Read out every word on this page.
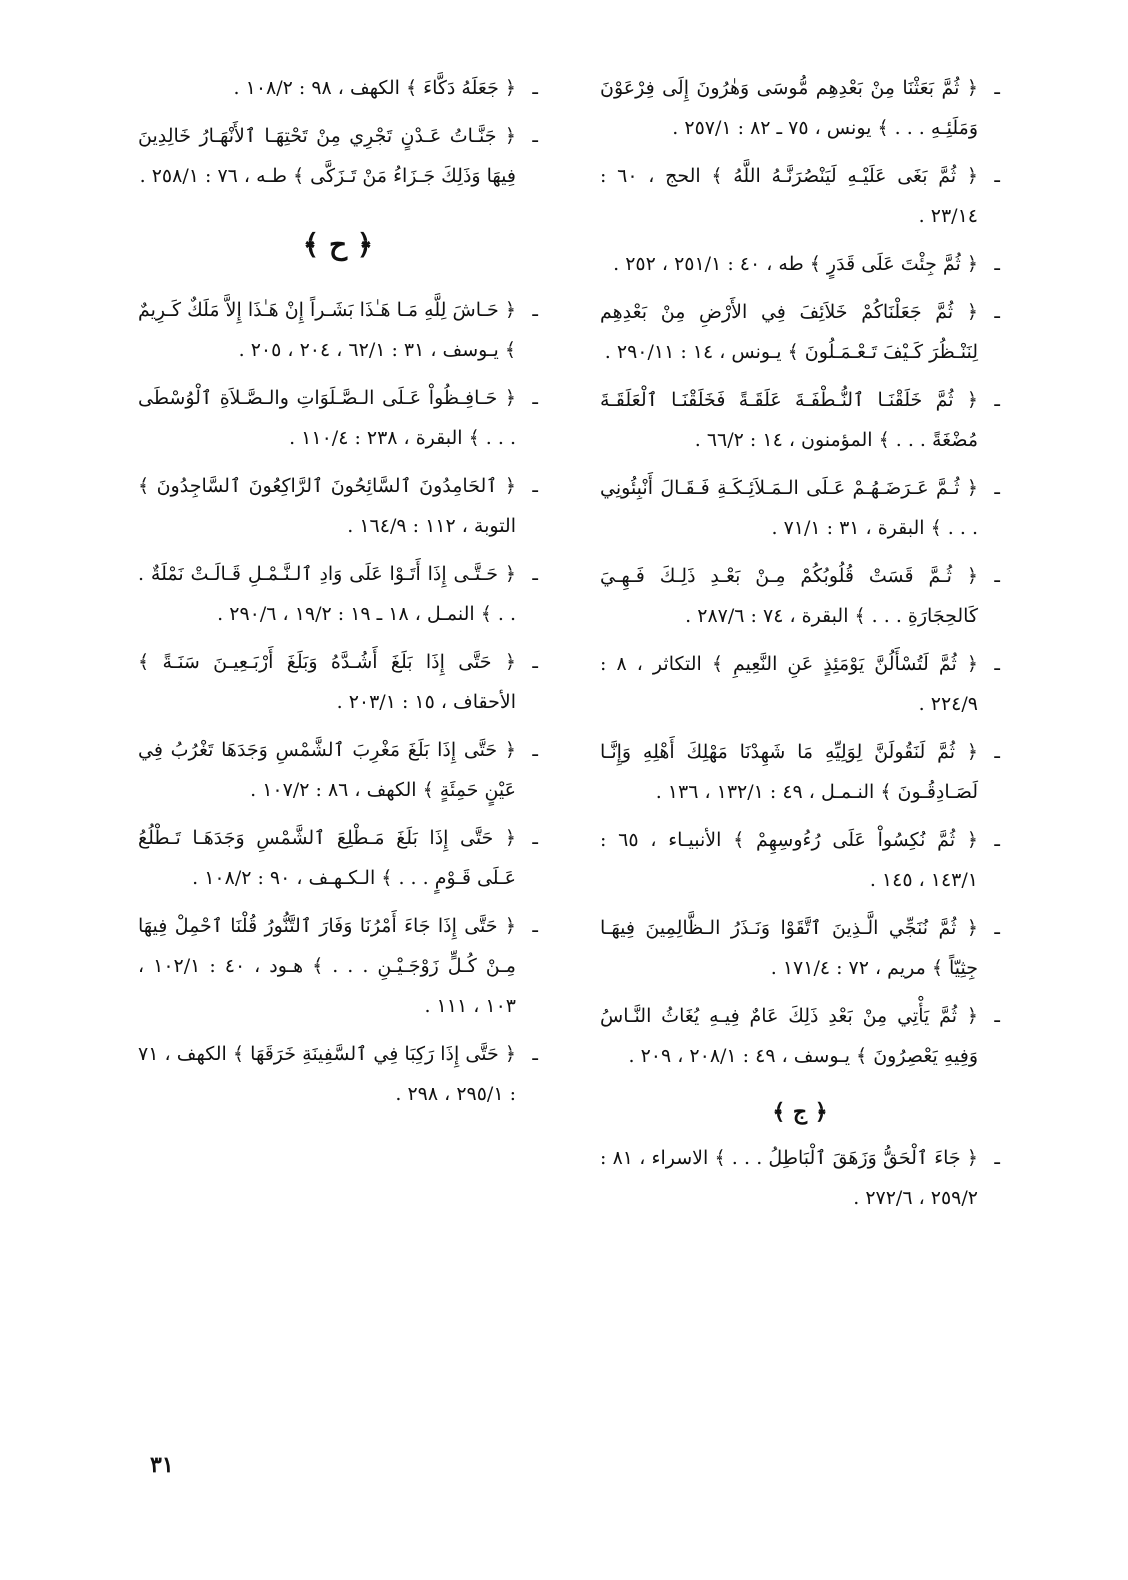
ـ﴿ ثُمَّ بَعَثْنَا مِنْ بَعْدِهِم مُّوسَى وَهٰرُونَ إِلَى فِرْعَوْنَ وَمَلَئِـهِ . . . ﴾ يونس ، ٧٥ ـ ٨٢ : ٢٥٧/١ .
ـ﴿ ثُمَّ بَغَى عَلَيْـهِ لَيَنْصُرَنَّـهُ اللَّهُ ﴾ الحج ، ٦٠ : ٢٣/١٤ .
ـ﴿ ثُمَّ جِئْتَ عَلَى قَدَرٍ ﴾ طه ، ٤٠ : ٢٥١/١ ، ٢٥٢ .
ـ﴿ ثُمَّ جَعَلْنَاكُمْ خَلاَئِفَ فِي الأَرْضِ مِنْ بَعْدِهِم لِنَنْـظُرَ كَـيْفَ تَـعْـمَـلُونَ ﴾ يـونس ، ١٤ : ٢٩٠/١١ .
ـ﴿ ثُمَّ خَلَقْنَـا ٱلنُّـطْفَـةَ عَلَقَـةً فَخَلَقْنَـا ٱلْعَلَقَـةَ مُضْغَةً . . . ﴾ المؤمنون ، ١٤ : ٦٦/٢ .
ـ﴿ ثُـمَّ عَـرَضَـهُـمْ عَـلَى الـمَـلاَئِـكَـةِ فَـقَـالَ أَنْبِئُونِي . . . ﴾ البقرة ، ٣١ : ٧١/١ .
ـ﴿ ثُـمَّ قَسَتْ قُلُوبُكُمْ مِـنْ بَعْـدِ ذَلِـكَ فَـهِـيَ كَالحِجَارَةِ . . . ﴾ البقرة ، ٧٤ : ٢٨٧/٦ .
ـ﴿ ثُمَّ لَتُسْأَلُنَّ يَوْمَئِذٍ عَنِ النَّعِيمِ ﴾ التكاثر ، ٨ : ٢٢٤/٩ .
ـ﴿ ثُمَّ لَنَقُولَنَّ لِوَلِيِّهِ مَا شَهِدْنَا مَهْلِكَ أَهْلِهِ وَإِنَّـا لَصَـادِقُـونَ ﴾ النـمـل ، ٤٩ : ١٣٢/١ ، ١٣٦ .
ـ﴿ ثُمَّ نُكِسُواْ عَلَى رُءُوسِهِمْ ﴾ الأنبيـاء ، ٦٥ : ١٤٣/١ ، ١٤٥ .
ـ﴿ ثُمَّ نُنَجِّي الَّـذِينَ ٱتَّقَوْا وَنَـذَرُ الـظَّالِمِينَ فِيهَـا جِثِيّاً ﴾ مريم ، ٧٢ : ١٧١/٤ .
ـ﴿ ثُمَّ يَأْتِي مِنْ بَعْدِ ذَلِكَ عَامٌ فِيـهِ يُغَاثُ النَّـاسُ وَفِيهِ يَعْصِرُونَ ﴾ يـوسف ، ٤٩ : ٢٠٨/١ ، ٢٠٩ .
﴿ ج ﴾
ـ﴿ جَاءَ ٱلْحَقُّ وَزَهَقَ ٱلْبَاطِلُ . . . ﴾ الاسراء ، ٨١ : ٢٥٩/٢ ، ٢٧٢/٦ .
ـ﴿ جَعَلَهُ دَكَّاءَ ﴾ الكهف ، ٩٨ : ١٠٨/٢ .
ـ﴿ جَنَّـاتُ عَـدْنٍ تَجْرِي مِنْ تَحْتِهَـا ٱلأَنْهَـارُ خَالِدِينَ فِيهَا وَذَلِكَ جَـزَاءُ مَنْ تَـزَكَّى ﴾ طـه ، ٧٦ : ٢٥٨/١ .
﴿ ح ﴾
ـ﴿ حَـاشَ لِلَّهِ مَـا هَـٰذَا بَشَـراً إِنْ هَـٰذَا إِلاَّ مَلَكٌ كَـرِيمٌ ﴾ يـوسف ، ٣١ : ٦٢/١ ، ٢٠٤ ، ٢٠٥ .
ـ﴿ حَـافِـظُواْ عَـلَى الـصَّـلَوَاتِ والـصَّـلاَةِ ٱلْوُسْطَى . . . ﴾ البقرة ، ٢٣٨ : ١١٠/٤ .
ـ﴿ ٱلحَامِدُونَ ٱلسَّائِحُونَ ٱلرَّاكِعُونَ ٱلسَّاجِدُونَ ﴾ التوبة ، ١١٢ : ١٦٤/٩ .
ـ﴿ حَـتَّـى إِذَا أَتَـوْا عَلَى وَادِ ٱلـنَّـمْـلِ قَـالَـتْ نَمْلَةٌ . . . ﴾ النمـل ، ١٨ ـ ١٩ : ١٩/٢ ، ٢٩٠/٦ .
ـ﴿ حَتَّى إِذَا بَلَغَ أَشُـدَّهُ وَبَلَغَ أَرْبَـعِيـنَ سَنَـةً ﴾ الأحقاف ، ١٥ : ٢٠٣/١ .
ـ﴿ حَتَّى إِذَا بَلَغَ مَغْرِبَ ٱلشَّمْسِ وَجَدَهَا تَغْرُبُ فِي عَيْنٍ حَمِئَةٍ ﴾ الكهف ، ٨٦ : ١٠٧/٢ .
ـ﴿ حَتَّى إِذَا بَلَغَ مَـطْلِعَ ٱلشَّمْسِ وَجَدَهَـا تَـطْلُعُ عَـلَى قَـوْمٍ . . . ﴾ الـكـهـف ، ٩٠ : ١٠٨/٢ .
ـ﴿ حَتَّى إِذَا جَاءَ أَمْرُنَا وَفَارَ ٱلتَّنُّورُ قُلْنَا ٱحْمِلْ فِيهَا مِـنْ كُـلٍّ زَوْجَـيْـنِ . . . ﴾ هـود ، ٤٠ : ١٠٢/١ ، ١٠٣ ، ١١١ .
ـ﴿ حَتَّى إِذَا رَكِبَا فِي ٱلسَّفِينَةِ خَرَقَهَا ﴾ الكهف ، ٧١ : ٢٩٥/١ ، ٢٩٨ .
٣١
